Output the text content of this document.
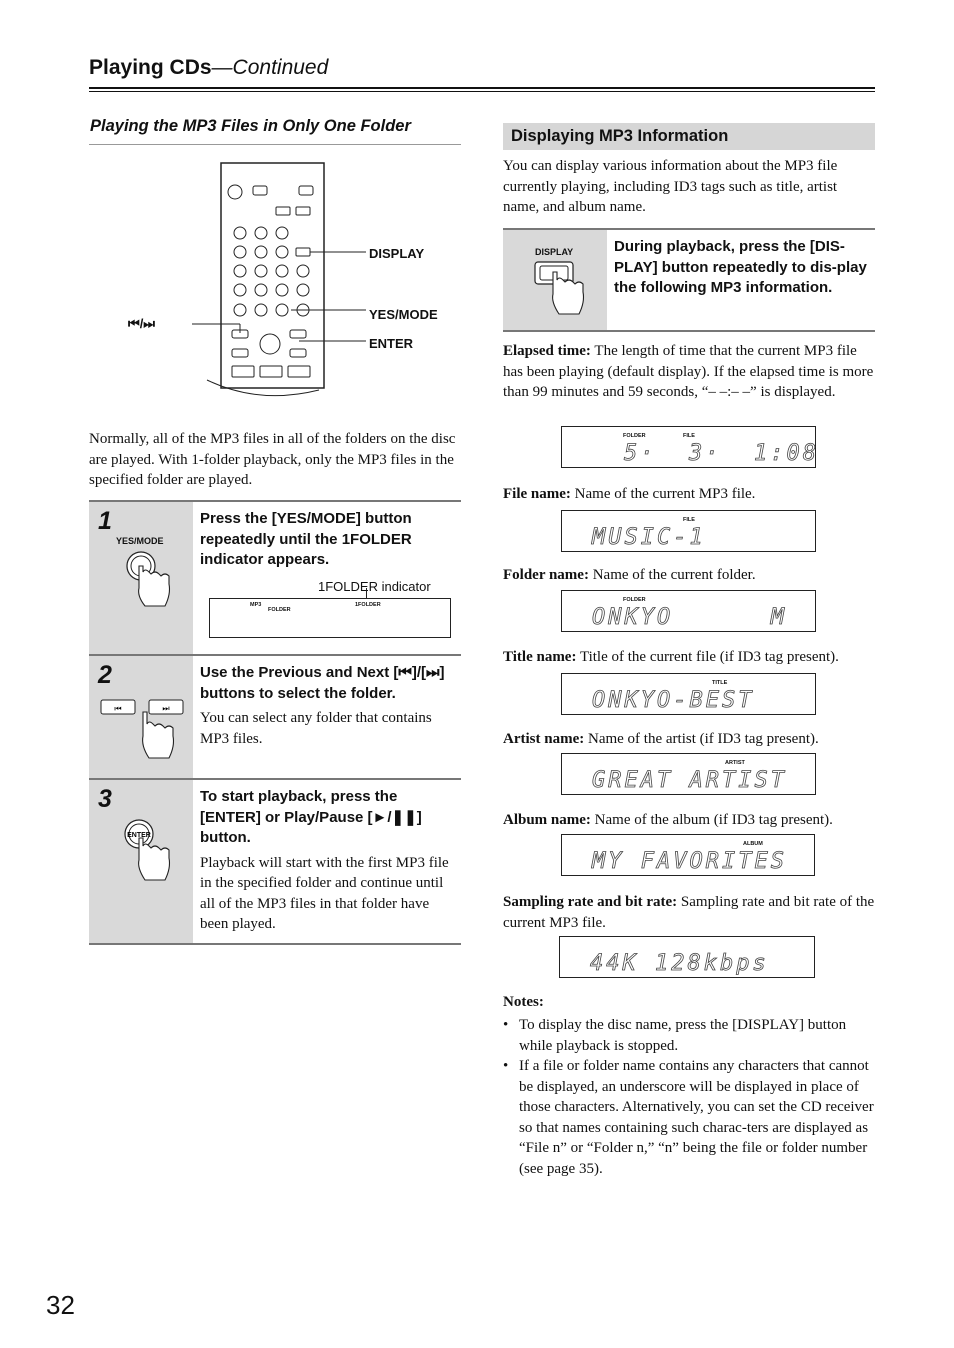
Playing CDs—Continued
Playing the MP3 Files in Only One Folder
DISPLAY
YES/MODE
ENTER
⏮/⏭
Normally, all of the MP3 files in all of the folders on the disc are played. With 1-folder playback, only the MP3 files in the specified folder are played.
1
YES/MODE
Press the [YES/MODE] button repeatedly until the 1FOLDER indicator appears.
1FOLDER indicator
MP3
FOLDER
1FOLDER
2
⏮	⏭
Use the Previous and Next [⏮]/[⏭] buttons to select the folder.
You can select any folder that contains MP3 files.
3
ENTER
To start playback, press the [ENTER] or Play/Pause [►/❚❚] button.
Playback will start with the first MP3 file in the specified folder and continue until all of the MP3 files in that folder have been played.
Displaying MP3 Information
You can display various information about the MP3 file currently playing, including ID3 tags such as title, artist name, and album name.
DISPLAY	During playback, press the [DIS-PLAY] button repeatedly to dis-play the following MP3 information.
Elapsed time: The length of time that the current MP3 file has been playing (default display). If the elapsed time is more than 99 minutes and 59 seconds, “– –:– –” is displayed.
FOLDER	FILE
5·  3·  1:08
File name: Name of the current MP3 file.
FILE
MUSIC-1
Folder name: Name of the current folder.
FOLDER
ONKYO      M
Title name: Title of the current file (if ID3 tag present).
TITLE
ONKYO-BEST
Artist name: Name of the artist (if ID3 tag present).
ARTIST
GREAT ARTIST
Album name: Name of the album (if ID3 tag present).
ALBUM
MY FAVORITES
Sampling rate and bit rate: Sampling rate and bit rate of the current MP3 file.
44K 128kbps
Notes:
• To display the disc name, press the [DISPLAY] button while playback is stopped.
• If a file or folder name contains any characters that cannot be displayed, an underscore will be displayed in place of those characters. Alternatively, you can set the CD receiver so that names containing such charac-ters are displayed as “File n” or “Folder n,” “n” being the file or folder number (see page 35).
32
